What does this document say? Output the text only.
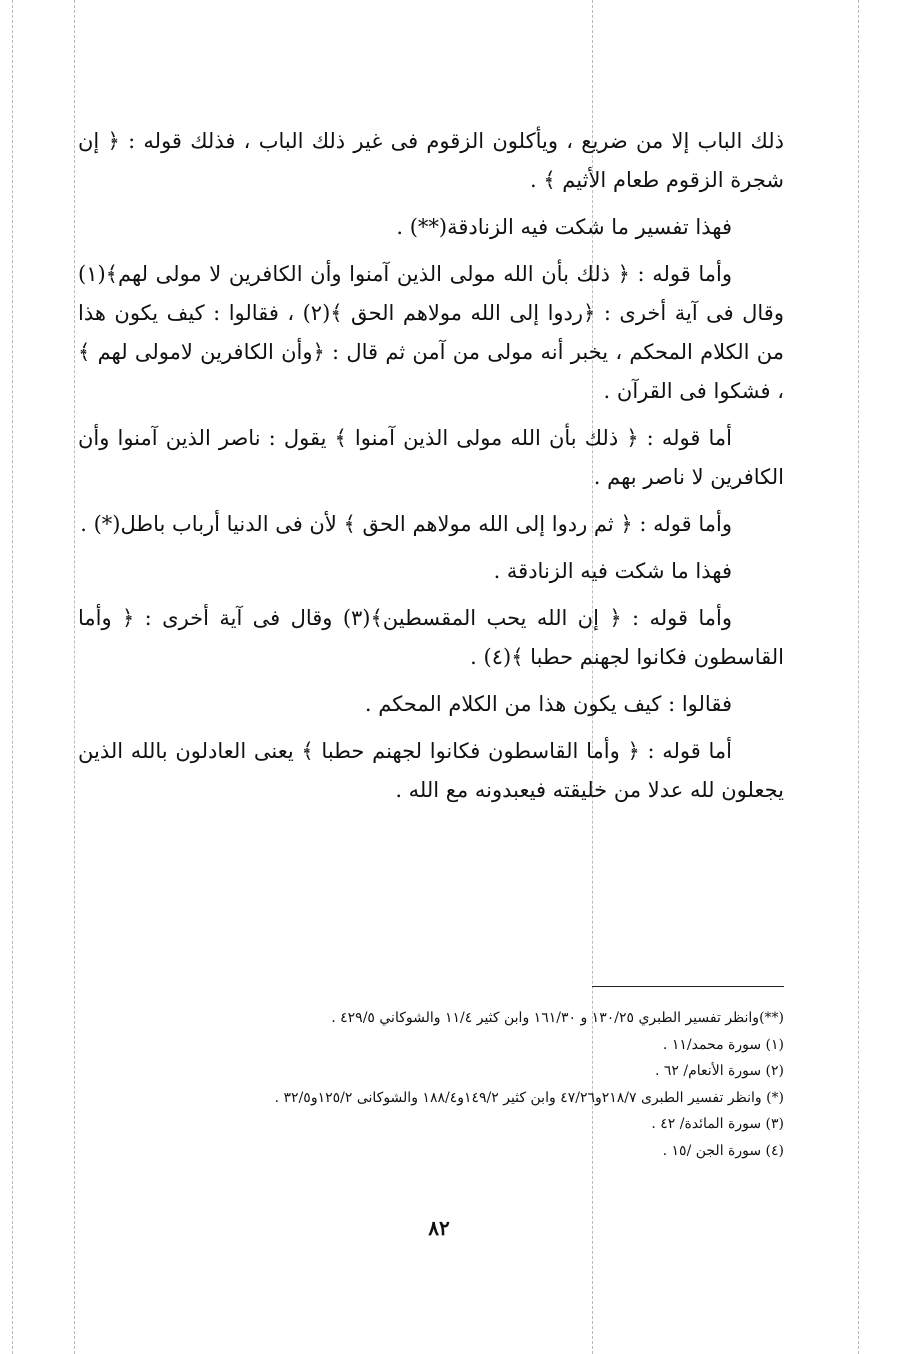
ذلك الباب إلا من ضريع ، ويأكلون الزقوم فى غير ذلك الباب ، فذلك قوله : ﴿ إن شجرة الزقوم طعام الأثيم ﴾ .

فهذا تفسير ما شكت فيه الزنادقة(**) .

وأما قوله : ﴿ ذلك بأن الله مولى الذين آمنوا وأن الكافرين لا مولى لهم﴾(١) وقال فى آية أخرى : ﴿ردوا إلى الله مولاهم الحق ﴾(٢) ، فقالوا : كيف يكون هذا من الكلام المحكم ، يخبر أنه مولى من آمن ثم قال : ﴿وأن الكافرين لامولى لهم ﴾ ، فشكوا فى القرآن .

أما قوله : ﴿ ذلك بأن الله مولى الذين آمنوا ﴾ يقول : ناصر الذين آمنوا وأن الكافرين لا ناصر بهم .

وأما قوله : ﴿ ثم ردوا إلى الله مولاهم الحق ﴾ لأن فى الدنيا أرباب باطل(*) .

فهذا ما شكت فيه الزنادقة .

وأما قوله : ﴿ إن الله يحب المقسطين﴾(٣) وقال فى آية أخرى : ﴿ وأما القاسطون فكانوا لجهنم حطبا ﴾(٤) .

فقالوا : كيف يكون هذا من الكلام المحكم .

أما قوله : ﴿ وأما القاسطون فكانوا لجهنم حطبا ﴾ يعنى العادلون بالله الذين يجعلون لله عدلا من خليقته فيعبدونه مع الله .

(**)وانظر تفسير الطبري ١٣٠/٢٥ و ١٦١/٣٠ وابن كثير ١١/٤ والشوكاني ٤٢٩/٥ .

(١) سورة محمد/١١ .

(٢) سورة الأنعام/ ٦٢ .

(*) وانظر تفسير الطبرى ٢١٨/٧و٤٧/٢٦ وابن كثير ١٤٩/٢و١٨٨/٤ والشوكانى ١٢٥/٢و٣٢/٥ .

(٣) سورة المائدة/ ٤٢ .

(٤) سورة الجن /١٥ .

٨٢
